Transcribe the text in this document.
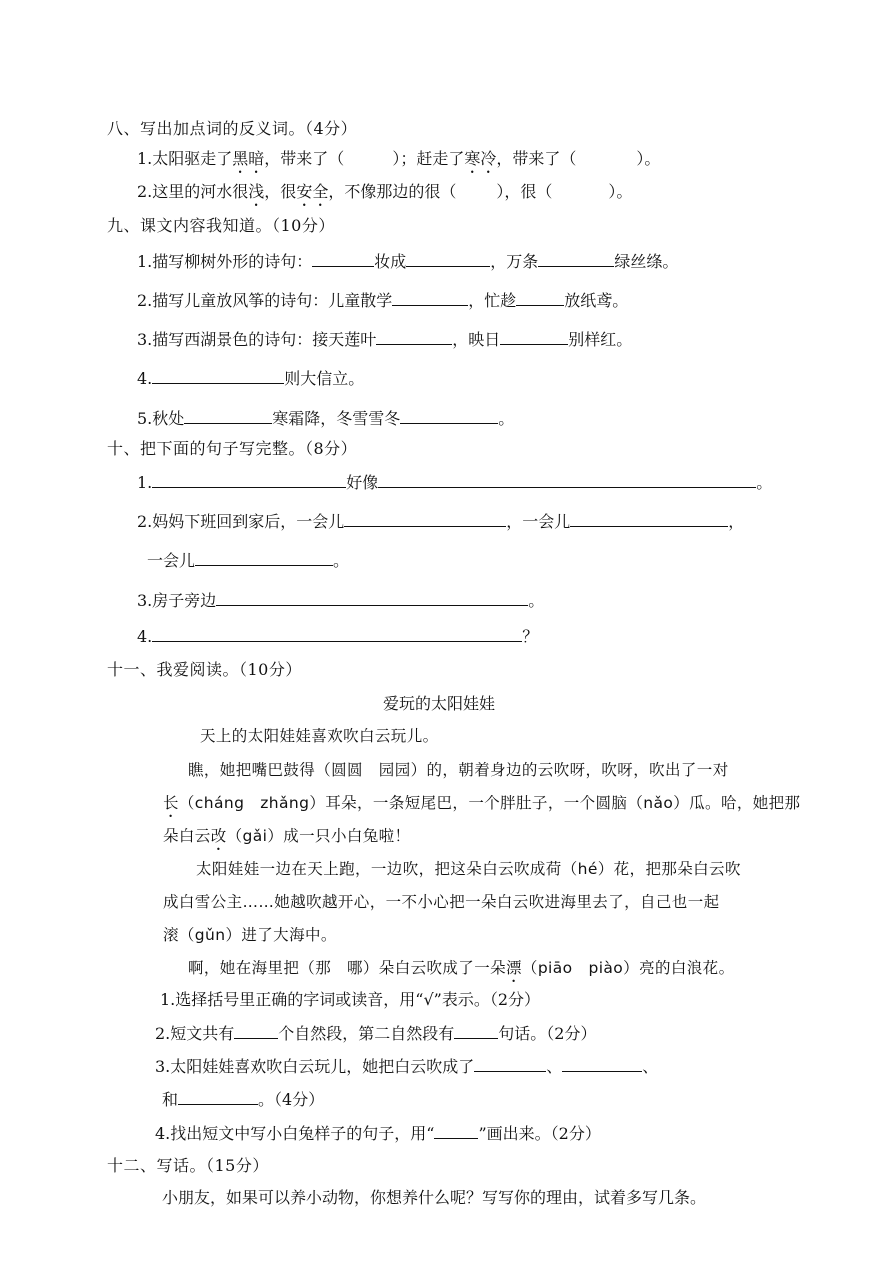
八、写出加点词的反义词。（4分）
1.太阳驱走了黑暗，带来了（	）；赶走了寒冷，带来了（	）。
2.这里的河水很浅，很安全，不像那边的很（	），很（	）。
九、课文内容我知道。（10分）
1.描写柳树外形的诗句：	妆成	，万条	绿丝绦。
2.描写儿童放风筝的诗句：儿童散学	，忙趁	放纸鸢。
3.描写西湖景色的诗句：接天莲叶	，映日	别样红。
4.	则大信立。
5.秋处	寒霜降，冬雪雪冬	。
十、把下面的句子写完整。（8分）
1.	好像	。
2.妈妈下班回到家后，一会儿	，一会儿	，
一会儿	。
3.房子旁边	。
4.	？
十一、我爱阅读。（10分）
爱玩的太阳娃娃
天上的太阳娃娃喜欢吹白云玩儿。
瞧，她把嘴巴鼓得（圆圆　园园）的，朝着身边的云吹呀，吹呀，吹出了一对
长（cháng　zhǎng）耳朵，一条短尾巴，一个胖肚子，一个圆脑（nǎo）瓜。哈，她把那
朵白云改（gǎi）成一只小白兔啦！
太阳娃娃一边在天上跑，一边吹，把这朵白云吹成荷（hé）花，把那朵白云吹
成白雪公主……她越吹越开心，一不小心把一朵白云吹进海里去了，自己也一起
滚（gǔn）进了大海中。
啊，她在海里把（那　哪）朵白云吹成了一朵漂（piāo　piào）亮的白浪花。
1.选择括号里正确的字词或读音，用“√”表示。（2分）
2.短文共有	个自然段，第二自然段有	句话。（2分）
3.太阳娃娃喜欢吹白云玩儿，她把白云吹成了	、	、
和	。（4分）
4.找出短文中写小白兔样子的句子，用“	”画出来。（2分）
十二、写话。（15分）
小朋友，如果可以养小动物，你想养什么呢？写写你的理由，试着多写几条。
